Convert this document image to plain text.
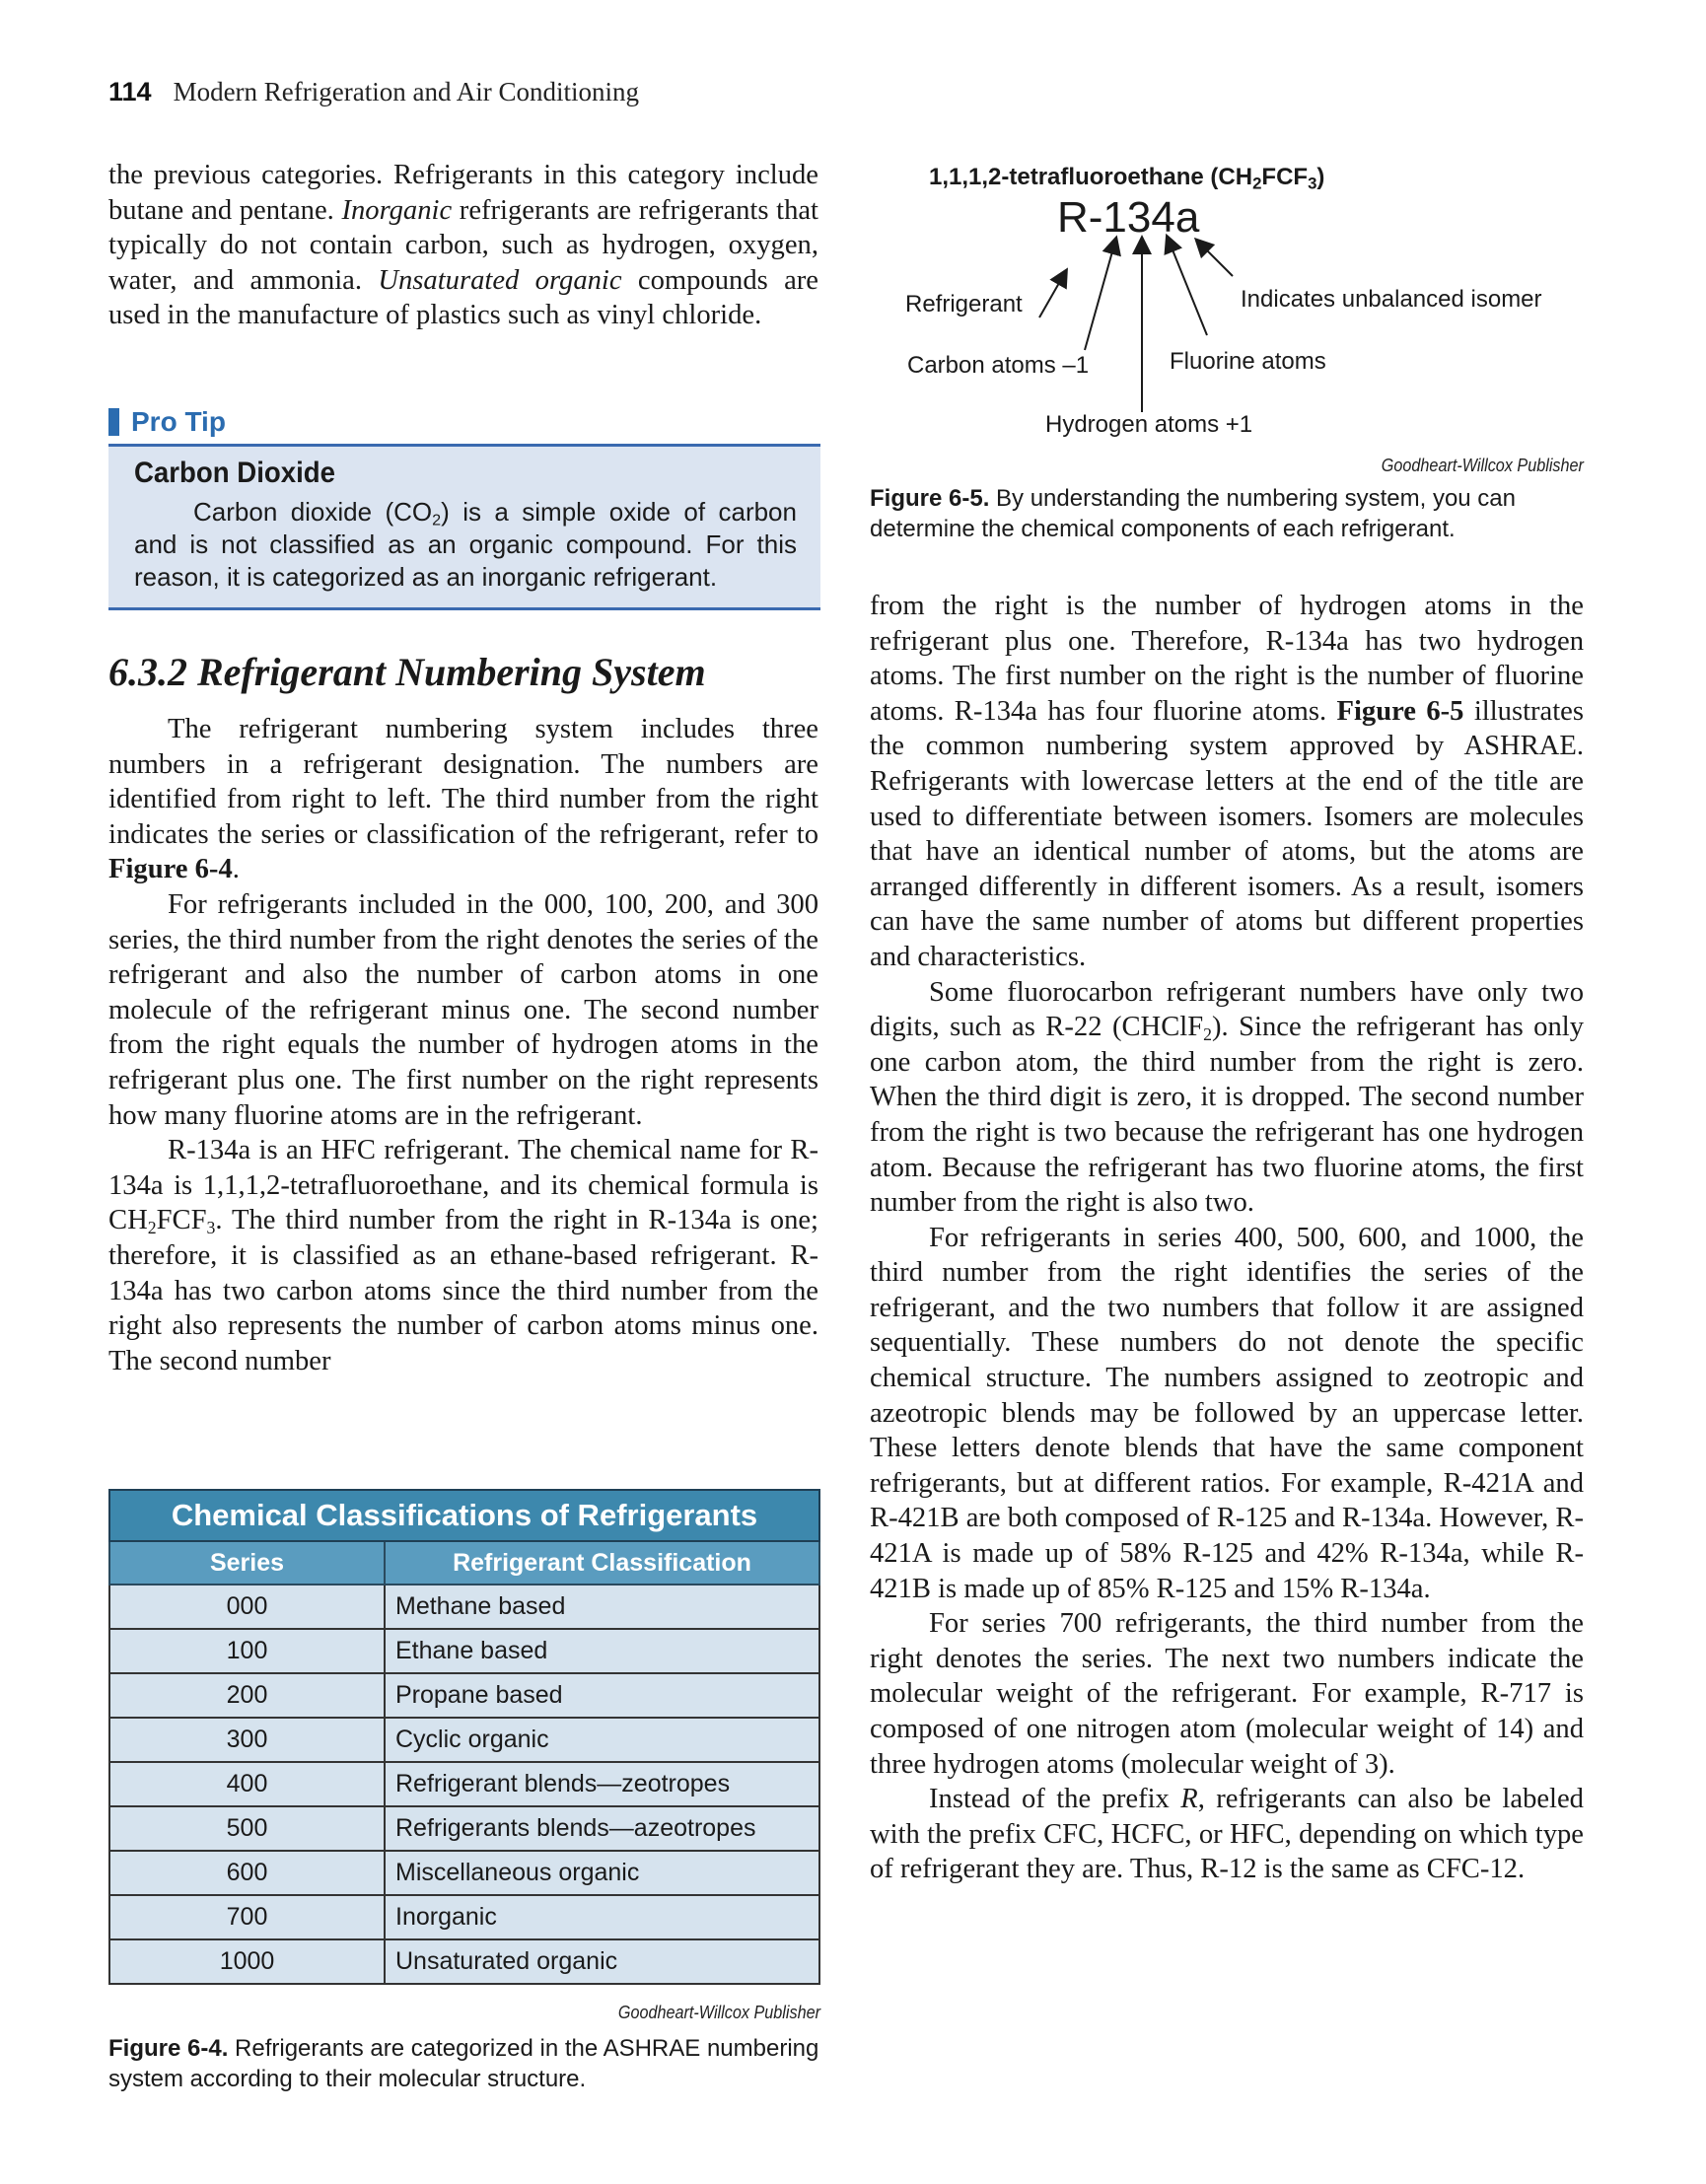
114 Modern Refrigeration and Air Conditioning

the previous categories. Refrigerants in this category include butane and pentane. Inorganic refrigerants are refrigerants that typically do not contain carbon, such as hydrogen, oxygen, water, and ammonia. Unsaturated organic compounds are used in the manufacture of plastics such as vinyl chloride.

Pro Tip
Carbon Dioxide

Carbon dioxide $(CO_2)$ is a simple oxide of carbon and is not classified as an organic compound. For this reason, it is categorized as an inorganic refrigerant.

6.3.2 Refrigerant Numbering System

The refrigerant numbering system includes three numbers in a refrigerant designation. The numbers are identified from right to left. The third number from the right indicates the series or classification of the refrigerant, refer to Figure 6-4.

For refrigerants included in the 000, 100, 200, and 300 series, the third number from the right denotes the series of the refrigerant and also the number of carbon atoms in one molecule of the refrigerant minus one. The second number from the right equals the number of hydrogen atoms in the refrigerant plus one. The first number on the right represents how many fluorine atoms are in the refrigerant.

R-134a is an HFC refrigerant. The chemical name for R-134a is 1,1,1,2-tetrafluoroethane, and its chemical formula is $CH_2FCF_3$. The third number from the right in R-134a is one; therefore, it is classified as an ethane-based refrigerant. R-134a has two carbon atoms since the third number from the right also represents the number of carbon atoms minus one. The second number

Chemical Classifications of Refrigerants	
Series	Refrigerant Classification
000	Methane based
100	Ethane based
200	Propane based
300	Cyclic organic
400	Refrigerant blends—zeotropes
500	Refrigerants blends—azeotropes
600	Miscellaneous organic
700	Inorganic
1000	Unsaturated organic
Goodheart-Willcox Publisher

Figure 6-4. Refrigerants are categorized in the ASHRAE numbering system according to their molecular structure.

1,1,1,2-tetrafluoroethane $(CH_2FCF_3)$
R-134a
Refrigerant	Indicates unbalanced isomer
Carbon atoms –1	Fluorine atoms
Hydrogen atoms +1
Goodheart-Willcox Publisher

Figure 6-5. By understanding the numbering system, you can determine the chemical components of each refrigerant.

from the right is the number of hydrogen atoms in the refrigerant plus one. Therefore, R-134a has two hydrogen atoms. The first number on the right is the number of fluorine atoms. R-134a has four fluorine atoms. Figure 6-5 illustrates the common numbering system approved by ASHRAE. Refrigerants with lowercase letters at the end of the title are used to differentiate between isomers. Isomers are molecules that have an identical number of atoms, but the atoms are arranged differently in different isomers. As a result, isomers can have the same number of atoms but different properties and characteristics.

Some fluorocarbon refrigerant numbers have only two digits, such as R-22 (CHClF$_2$). Since the refrigerant has only one carbon atom, the third number from the right is zero. When the third digit is zero, it is dropped. The second number from the right is two because the refrigerant has one hydrogen atom. Because the refrigerant has two fluorine atoms, the first number from the right is also two.

For refrigerants in series 400, 500, 600, and 1000, the third number from the right identifies the series of the refrigerant, and the two numbers that follow it are assigned sequentially. These numbers do not denote the specific chemical structure. The numbers assigned to zeotropic and azeotropic blends may be followed by an uppercase letter. These letters denote blends that have the same component refrigerants, but at different ratios. For example, R-421A and R-421B are both composed of R-125 and R-134a. However, R-421A is made up of 58% R-125 and 42% R-134a, while R-421B is made up of 85% R-125 and 15% R-134a.

For series 700 refrigerants, the third number from the right denotes the series. The next two numbers indicate the molecular weight of the refrigerant. For example, R-717 is composed of one nitrogen atom (molecular weight of 14) and three hydrogen atoms (molecular weight of 3).

Instead of the prefix R, refrigerants can also be labeled with the prefix CFC, HCFC, or HFC, depending on which type of refrigerant they are. Thus, R-12 is the same as CFC-12.
